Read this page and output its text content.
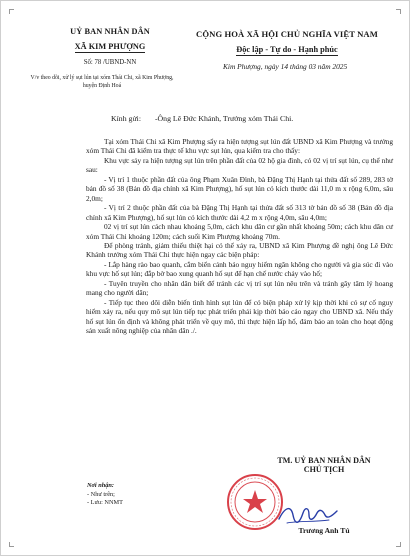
UỶ BAN NHÂN DÂN
XÃ KIM PHƯỢNG
Số: 78 /UBND-NN
V/v theo dõi, xử lý sụt lún tại xóm Thái Chi, xã Kim Phượng, huyện Định Hoá
CỘNG HOÀ XÃ HỘI CHỦ NGHĨA VIỆT NAM
Độc lập - Tự do - Hạnh phúc
Kim Phượng, ngày 14 tháng 03 năm 2025
Kính gửi: -Ông Lê Đức Khánh, Trưởng xóm Thái Chi.

Tại xóm Thái Chi xã Kim Phượng sẩy ra hiện tượng sụt lún đất UBND xã Kim Phượng và trưởng xóm Thái Chi đã kiểm tra thực tế khu vực sụt lún, qua kiểm tra cho thấy:

Khu vực sảy ra hiện tượng sụt lún trên phần đất của 02 hộ gia đình, có 02 vị trí sụt lún, cụ thể như sau:

- Vị trí 1 thuộc phần đất của ông Phạm Xuân Đình, bà Đặng Thị Hạnh tại thửa đất số 289, 283 tờ bản đồ số 38 (Bản đồ địa chính xã Kim Phượng), hố sụt lún có kích thước dài 11,0 m x rộng 6,0m, sâu 2,0m;

- Vị trí 2 thuộc phần đất của bà Đặng Thị Hạnh tại thửa đất số 313 tờ bản đồ số 38 (Bản đồ địa chính xã Kim Phượng), hố sụt lún có kích thước dài 4,2 m x rộng 4,0m, sâu 4,0m;

02 vị trí sụt lún cách nhau khoảng 5,0m, cách khu dân cư gần nhất khoảng 50m; cách khu dân cư xóm Thái Chi khoảng 120m; cách suối Kim Phượng khoảng 70m.

Để phòng tránh, giảm thiểu thiệt hại có thể xảy ra, UBND xã Kim Phượng đề nghị ông Lê Đức Khánh trưởng xóm Thái Chi thực hiện ngay các biện pháp:

- Lắp hàng rào bao quanh, cắm biển cảnh báo nguy hiểm ngăn không cho người và gia súc đi vào khu vực hố sụt lún; đắp bờ bao xung quanh hố sụt để hạn chế nước chảy vào hố;

- Tuyên truyền cho nhân dân biết để tránh các vị trí sụt lún nêu trên và tránh gây tâm lý hoang mang cho người dân;

- Tiếp tục theo dõi diễn biến tình hình sụt lún để có biện pháp xử lý kịp thời khi có sự cố nguy hiểm xảy ra, nếu quy mô sụt lún tiếp tục phát triển phải kịp thời báo cáo ngay cho UBND xã. Nếu thấy hố sụt lún ổn định và không phát triển về quy mô, thì thực hiện lấp hố, đảm bảo an toàn cho hoạt động sản xuất nông nghiệp của nhân dân ./.

Nơi nhận:
- Như trên;
- Lưu: NNMT
TM. UỶ BAN NHÂN DÂN
CHỦ TỊCH
Trương Anh Tú
